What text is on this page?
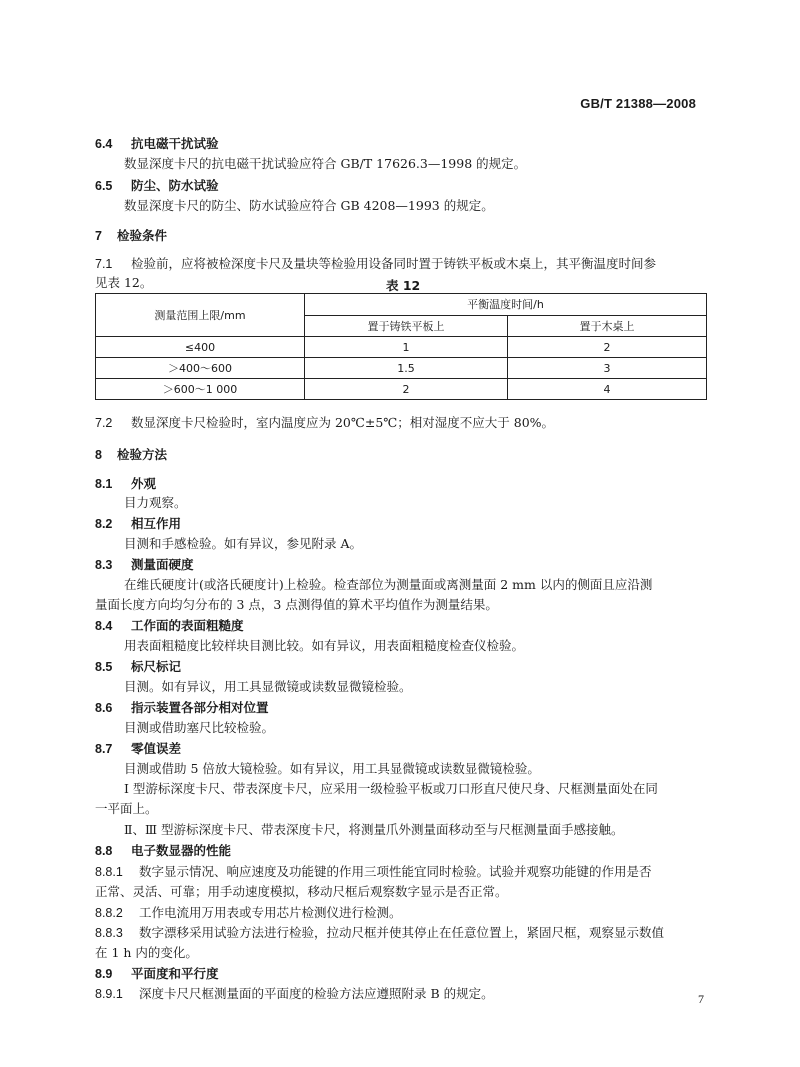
GB/T 21388—2008
6.4 抗电磁干扰试验
数显深度卡尺的抗电磁干扰试验应符合 GB/T 17626.3—1998 的规定。
6.5 防尘、防水试验
数显深度卡尺的防尘、防水试验应符合 GB 4208—1993 的规定。
7 检验条件
7.1 检验前，应将被检深度卡尺及量块等检验用设备同时置于铸铁平板或木桌上，其平衡温度时间参
见表 12。	表 12
测量范围上限/mm	平衡温度时间/h	
	置于铸铁平板上	置于木桌上
≤400	1	2
＞400～600	1.5	3
＞600～1 000	2	4
7.2 数显深度卡尺检验时，室内温度应为 20℃±5℃；相对湿度不应大于 80%。
8 检验方法
8.1 外观
目力观察。
8.2 相互作用
目测和手感检验。如有异议，参见附录 A。
8.3 测量面硬度
在维氏硬度计(或洛氏硬度计)上检验。检查部位为测量面或离测量面 2 mm 以内的侧面且应沿测
量面长度方向均匀分布的 3 点，3 点测得值的算术平均值作为测量结果。
8.4 工作面的表面粗糙度
用表面粗糙度比较样块目测比较。如有异议，用表面粗糙度检查仪检验。
8.5 标尺标记
目测。如有异议，用工具显微镜或读数显微镜检验。
8.6 指示装置各部分相对位置
目测或借助塞尺比较检验。
8.7 零值误差
目测或借助 5 倍放大镜检验。如有异议，用工具显微镜或读数显微镜检验。
Ⅰ 型游标深度卡尺、带表深度卡尺，应采用一级检验平板或刀口形直尺使尺身、尺框测量面处在同
一平面上。
Ⅱ、Ⅲ 型游标深度卡尺、带表深度卡尺，将测量爪外测量面移动至与尺框测量面手感接触。
8.8 电子数显器的性能
8.8.1 数字显示情况、响应速度及功能键的作用三项性能宜同时检验。试验并观察功能键的作用是否
正常、灵活、可靠；用手动速度模拟，移动尺框后观察数字显示是否正常。
8.8.2 工作电流用万用表或专用芯片检测仪进行检测。
8.8.3 数字漂移采用试验方法进行检验，拉动尺框并使其停止在任意位置上，紧固尺框，观察显示数值
在 1 h 内的变化。
8.9 平面度和平行度
8.9.1 深度卡尺尺框测量面的平面度的检验方法应遵照附录 B 的规定。	7
